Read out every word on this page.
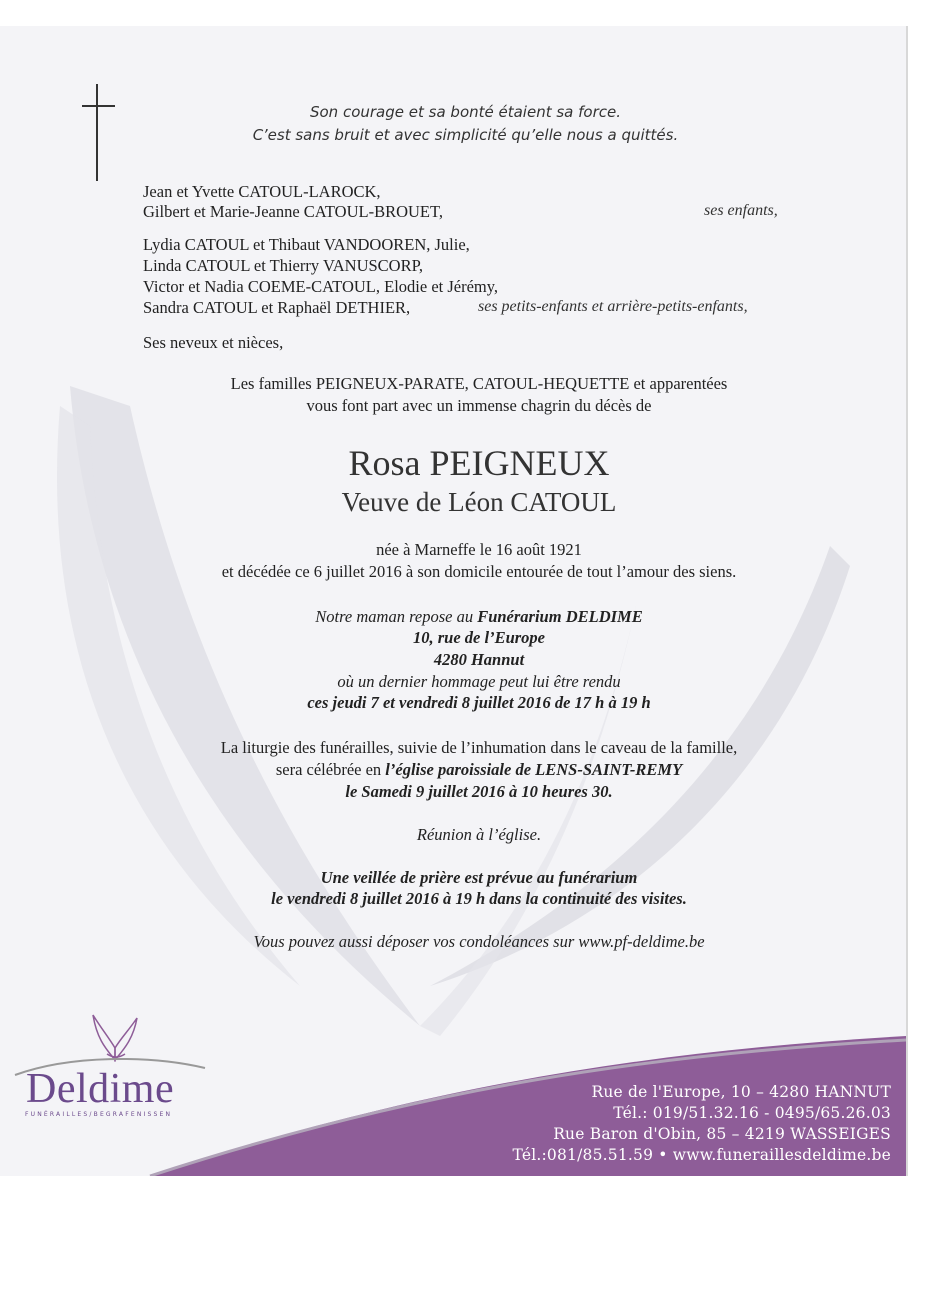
Son courage et sa bonté étaient sa force.
C’est sans bruit et avec simplicité qu’elle nous a quittés.
Jean et Yvette CATOUL-LAROCK,
Gilbert et Marie-Jeanne CATOUL-BROUET,	ses enfants,
Lydia CATOUL et Thibaut VANDOOREN, Julie,
Linda CATOUL et Thierry VANUSCORP,
Victor et Nadia COEME-CATOUL, Elodie et Jérémy,
Sandra CATOUL et Raphaël DETHIER,	ses petits-enfants et arrière-petits-enfants,
Ses neveux et nièces,
Les familles PEIGNEUX-PARATE, CATOUL-HEQUETTE et apparentées
vous font part avec un immense chagrin du décès de
Rosa PEIGNEUX
Veuve de Léon CATOUL
née à Marneffe le 16 août 1921
et décédée ce 6 juillet 2016 à son domicile entourée de tout l’amour des siens.
Notre maman repose au Funérarium DELDIME
10, rue de l’Europe
4280 Hannut
où un dernier hommage peut lui être rendu
ces jeudi 7 et vendredi 8 juillet 2016 de 17 h à 19 h
La liturgie des funérailles, suivie de l’inhumation dans le caveau de la famille,
sera célébrée en l’église paroissiale de LENS-SAINT-REMY
le Samedi 9 juillet 2016 à 10 heures 30.
Réunion à l’église.
Une veillée de prière est prévue au funérarium
le vendredi 8 juillet 2016 à 19 h dans la continuité des visites.
Vous pouvez aussi déposer vos condoléances sur www.pf-deldime.be
Deldime
FUNÉRAILLES/BEGRAFENISSEN
Rue de l'Europe, 10 – 4280 HANNUT
Tél.: 019/51.32.16 - 0495/65.26.03
Rue Baron d'Obin, 85 – 4219 WASSEIGES
Tél.:081/85.51.59 • www.funeraillesdeldime.be
